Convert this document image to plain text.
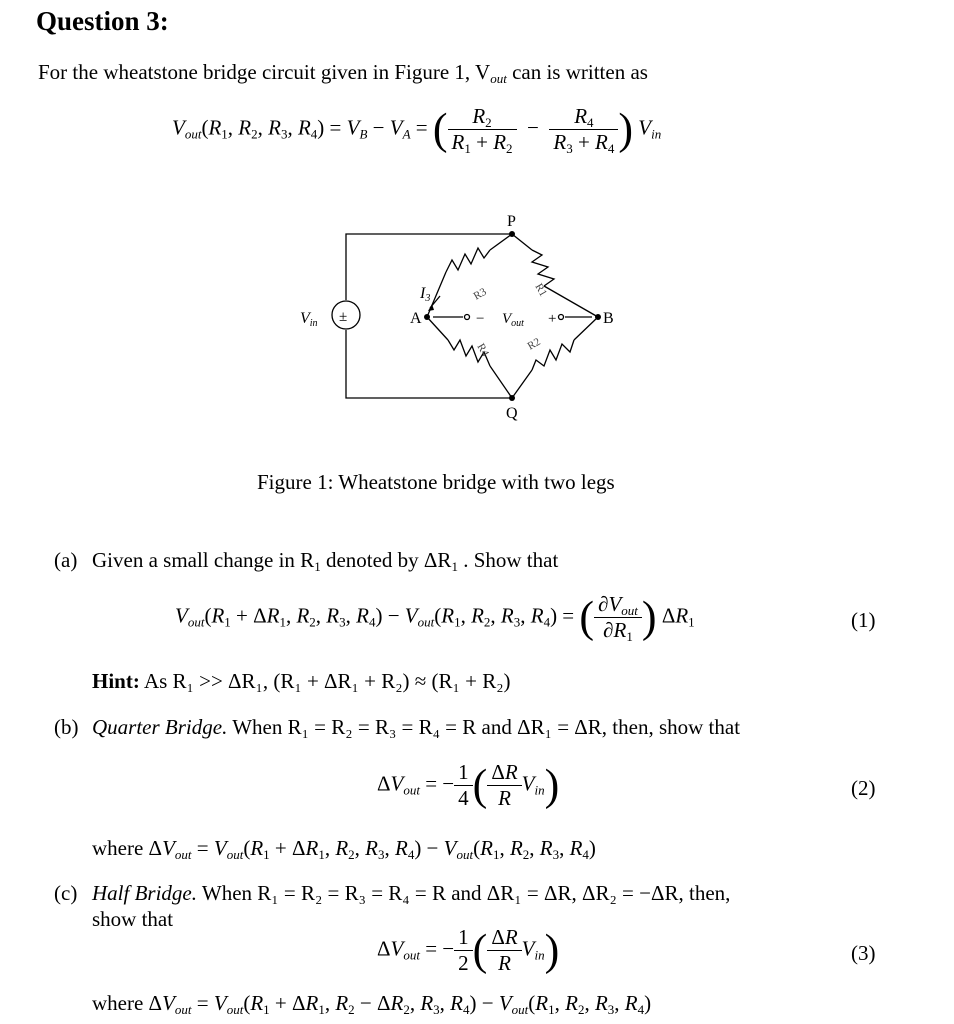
Question 3:
For the wheatstone bridge circuit given in Figure 1, $V_{out}$ can is written as
$V_{out}(R_1$, $R_2$, $R_3$, $R_4) = V_B - V_A$ = ( $\frac{R_2}{R_1 + R_2} - \frac{R_4}{R_3 + R_4}$ ) $V_{in}$
P
Q
A	B
Vin ±
I3	R3	R1
R4	R2
− $V_{out}$ +
Figure 1: Wheatstone bridge with two legs
(a) Given a small change in $R_1$ denoted by $\Delta R_1$ . Show that
$V_{out}(R_1 + \Delta R_1$, $R_2$, $R_3$, $R_4) - V_{out}(R_1$, $R_2$, $R_3$, $R_4$) = ( $\frac{\partial V_{out}}{\partial R_1}$ ) $\Delta R_1$	(1)
Hint: As R₁ >> ΔR₁, (R₁ + ΔR₁ + R₂) ≈ (R₁ + R₂)
(b) Quarter Bridge. When R₁ = R₂ = R₃ = R₄ = R and ΔR₁ = ΔR, then, show that
$\Delta V_{out}$ = − $\frac{1}{4}$ ( $\frac{\Delta R}{R} V_{in}$)	(2)
where $\Delta V_{out} = V_{out}(R_1 + \Delta R_1$, $R_2$, $R_3$, $R_4) - V_{out}(R_1$, $R_2$, $R_3$, $R_4$)
(c) Half Bridge. When R₁ = R₂ = R₃ = R₄ = R and ΔR₁ = ΔR, ΔR₂ = −ΔR, then,
show that
$\Delta V_{out}$ = − $\frac{1}{2}$ ( $\frac{\Delta R}{R} V_{in}$)	(3)
where $\Delta V_{out} = V_{out}(R_1 + \Delta R_1$, $R_2 - \Delta R_2$, $R_3$, $R_4) - V_{out}(R_1$, $R_2$, $R_3$, $R_4$)
